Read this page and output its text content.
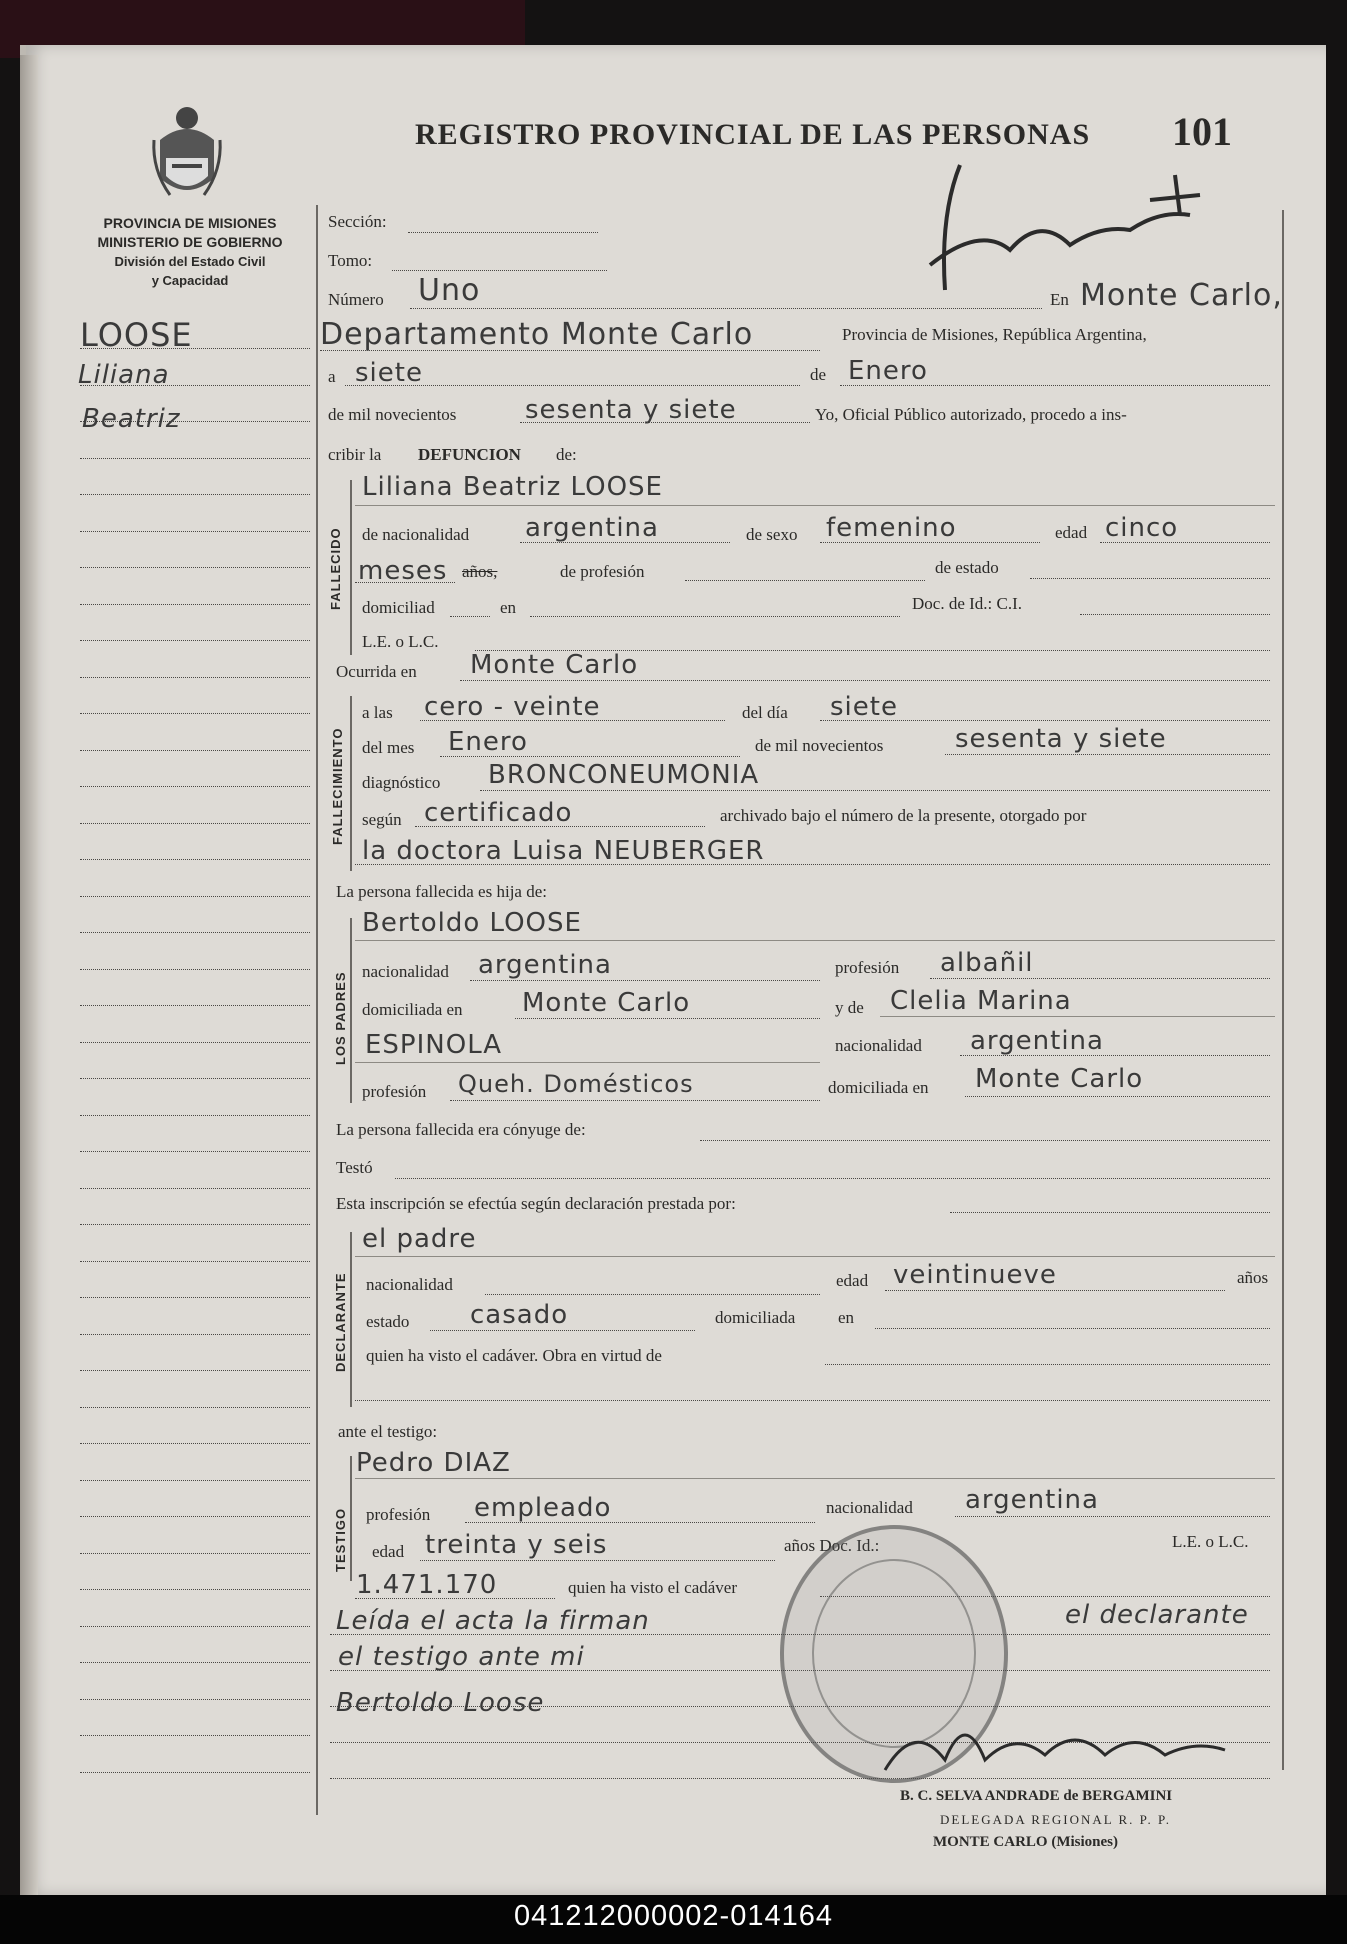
PROVINCIA DE MISIONES
MINISTERIO DE GOBIERNO
División del Estado Civil
y Capacidad
REGISTRO PROVINCIAL DE LAS PERSONAS 101
LOOSE
Liliana
Beatriz
Sección:
Tomo:
Número Uno	En Monte Carlo,
Departamento Monte Carlo	Provincia de Misiones, República Argentina,
a siete	de Enero
de mil novecientos	sesenta y siete	Yo, Oficial Público autorizado, procedo a ins-
cribir la DEFUNCION de:
FALLECIDO
Liliana Beatriz LOOSE
de nacionalidad argentina	de sexo femenino	edad cinco
meses años,	de profesión	de estado
domiciliad	en	Doc. de Id.: C.I.
L.E. o L.C.
Ocurrida en Monte Carlo
FALLECIMIENTO
a las cero - veinte	del día siete
del mes Enero	de mil novecientos	sesenta y siete
diagnóstico BRONCONEUMONIA
según certificado	archivado bajo el número de la presente, otorgado por
la doctora Luisa NEUBERGER
La persona fallecida es hija de:
LOS PADRES
Bertoldo LOOSE
nacionalidad argentina	profesión albañil
domiciliada en Monte Carlo	y de Clelia Marina
ESPINOLA	nacionalidad argentina
profesión Queh. Domésticos	domiciliada en Monte Carlo
La persona fallecida era cónyuge de:
Testó
Esta inscripción se efectúa según declaración prestada por:
DECLARANTE
el padre
nacionalidad	edad veintinueve	años
estado casado	domiciliada	en
quien ha visto el cadáver. Obra en virtud de
ante el testigo:
TESTIGO
Pedro DIAZ
profesión empleado	nacionalidad argentina
edad treinta y seis	años Doc. Id.:	L.E. o L.C.
1.471.170	quien ha visto el cadáver
Leída el acta la firman	el declarante
el testigo ante mi
Bertoldo Loose
B. C. SELVA ANDRADE de BERGAMINI
DELEGADA REGIONAL R. P. P.
MONTE CARLO (Misiones)
041212000002-014164
